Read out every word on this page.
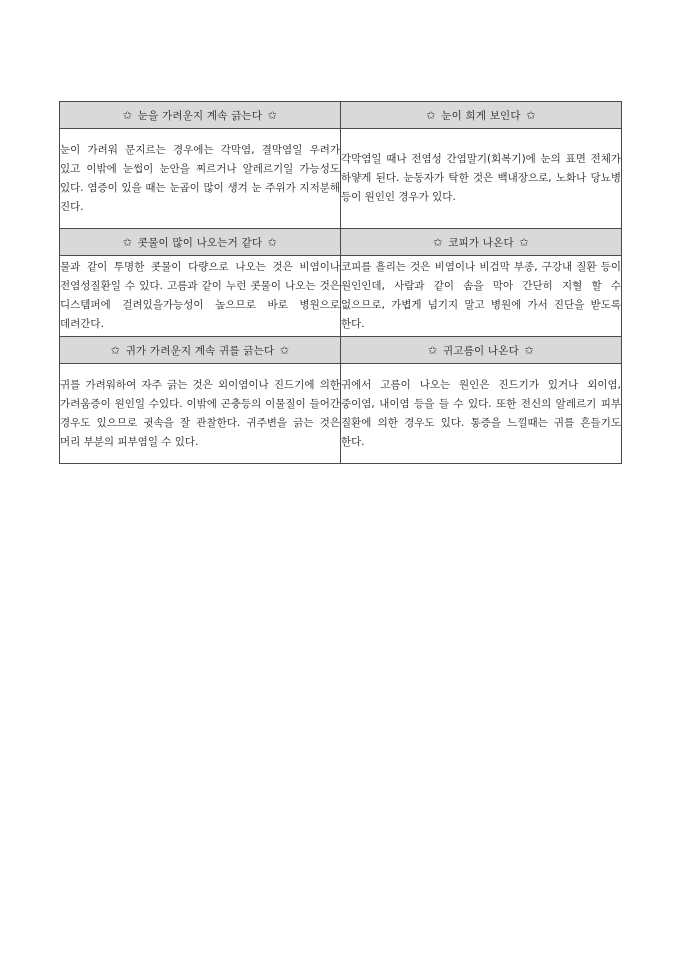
✩ 눈을 가려운지 계속 긁는다 ✩	✩ 눈이 희게 보인다 ✩
눈이 가려워 문지르는 경우에는 각막염, 결막염일 우려가 있고 이밖에 눈썹이 눈안을 찌르거나 알레르기일 가능성도 있다. 염증이 있을 때는 눈곱이 많이 생겨 눈 주위가 지저분해 진다.	각막염일 때나 전염성 간염말기(회복기)에 눈의 표면 전체가 하얗게 된다. 눈동자가 탁한 것은 백내장으로, 노화나 당뇨병 등이 원인인 경우가 있다.
✩ 콧물이 많이 나오는거 같다 ✩	✩ 코피가 나온다 ✩
물과 같이 투명한 콧물이 다량으로 나오는 것은 비염이나 전염성질환일 수 있다. 고름과 같이 누런 콧물이 나오는 것은 디스템퍼에 걸려있을가능성이 높으므로 바로 병원으로 데려간다.	코피를 흘리는 것은 비염이나 비검막 부종, 구강내 질환 등이 원인인데, 사람과 같이 솜을 막아 간단히 지혈 할 수 없으므로, 가볍게 넘기지 말고 병원에 가서 진단을 받도록 한다.
✩ 귀가 가려운지 계속 귀를 긁는다 ✩	✩ 귀고름이 나온다 ✩
귀를 가려워하여 자주 긁는 것은 외이염이나 진드기에 의한 가려움증이 원인일 수있다. 이밖에 곤충등의 이물질이 들어간 경우도 있으므로 귓속을 잘 관찰한다. 귀주변을 긁는 것은 머리 부분의 피부염일 수 있다.	귀에서 고름이 나오는 원인은 진드기가 있거나 외이염, 중이염, 내이염 등을 들 수 있다. 또한 전신의 알레르기 피부 질환에 의한 경우도 있다. 통증을 느낄때는 귀를 흔들기도 한다.
